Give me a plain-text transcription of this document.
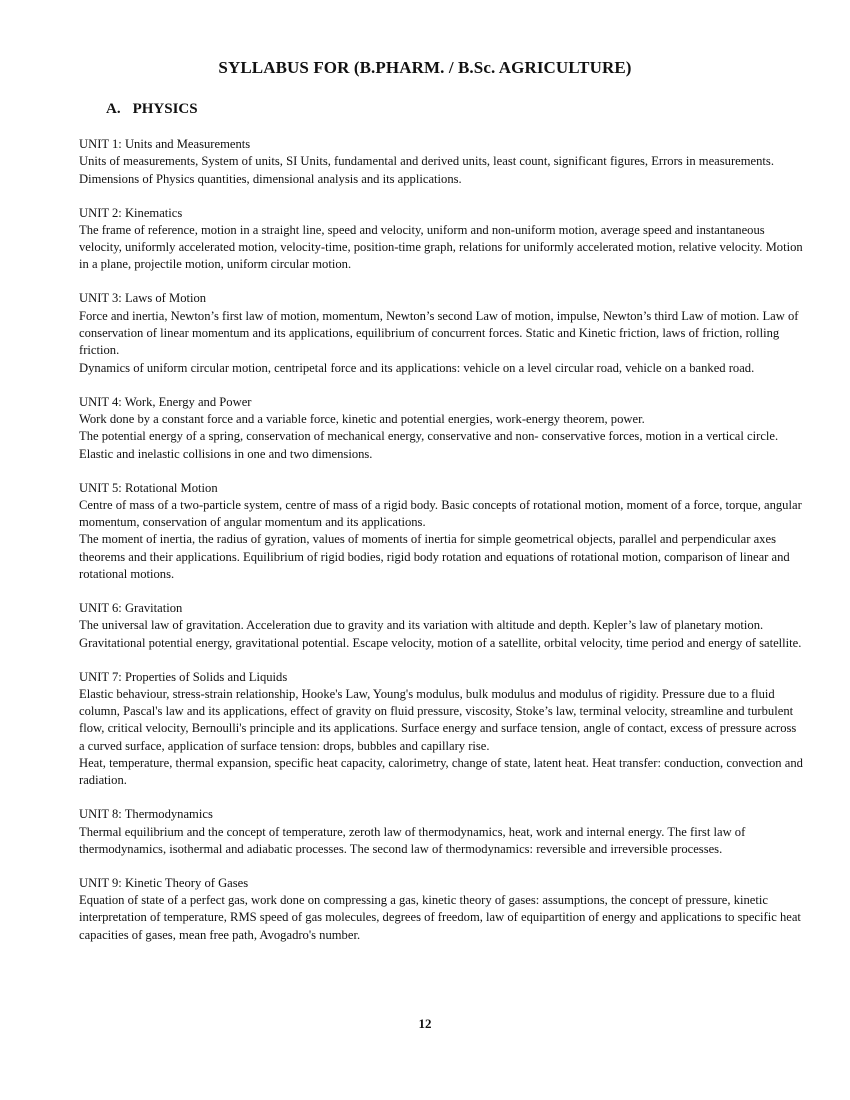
SYLLABUS FOR (B.PHARM. / B.Sc. AGRICULTURE)
A. PHYSICS
UNIT 1: Units and Measurements
Units of measurements, System of units, SI Units, fundamental and derived units, least count, significant figures, Errors in measurements. Dimensions of Physics quantities, dimensional analysis and its applications.
UNIT 2: Kinematics
The frame of reference, motion in a straight line, speed and velocity, uniform and non-uniform motion, average speed and instantaneous velocity, uniformly accelerated motion, velocity-time, position-time graph, relations for uniformly accelerated motion, relative velocity. Motion in a plane, projectile motion, uniform circular motion.
UNIT 3: Laws of Motion
Force and inertia, Newton’s first law of motion, momentum, Newton’s second Law of motion, impulse, Newton’s third Law of motion. Law of conservation of linear momentum and its applications, equilibrium of concurrent forces. Static and Kinetic friction, laws of friction, rolling friction.
Dynamics of uniform circular motion, centripetal force and its applications: vehicle on a level circular road, vehicle on a banked road.
UNIT 4: Work, Energy and Power
Work done by a constant force and a variable force, kinetic and potential energies, work-energy theorem, power.
The potential energy of a spring, conservation of mechanical energy, conservative and non- conservative forces, motion in a vertical circle. Elastic and inelastic collisions in one and two dimensions.
UNIT 5: Rotational Motion
Centre of mass of a two-particle system, centre of mass of a rigid body. Basic concepts of rotational motion, moment of a force, torque, angular momentum, conservation of angular momentum and its applications.
The moment of inertia, the radius of gyration, values of moments of inertia for simple geometrical objects, parallel and perpendicular axes theorems and their applications. Equilibrium of rigid bodies, rigid body rotation and equations of rotational motion, comparison of linear and rotational motions.
UNIT 6: Gravitation
The universal law of gravitation. Acceleration due to gravity and its variation with altitude and depth. Kepler’s law of planetary motion. Gravitational potential energy, gravitational potential. Escape velocity, motion of a satellite, orbital velocity, time period and energy of satellite.
UNIT 7: Properties of Solids and Liquids
Elastic behaviour, stress-strain relationship, Hooke's Law, Young's modulus, bulk modulus and modulus of rigidity. Pressure due to a fluid column, Pascal's law and its applications, effect of gravity on fluid pressure, viscosity, Stoke’s law, terminal velocity, streamline and turbulent flow, critical velocity, Bernoulli's principle and its applications. Surface energy and surface tension, angle of contact, excess of pressure across a curved surface, application of surface tension: drops, bubbles and capillary rise.
Heat, temperature, thermal expansion, specific heat capacity, calorimetry, change of state, latent heat. Heat transfer: conduction, convection and radiation.
UNIT 8: Thermodynamics
Thermal equilibrium and the concept of temperature, zeroth law of thermodynamics, heat, work and internal energy. The first law of thermodynamics, isothermal and adiabatic processes. The second law of thermodynamics: reversible and irreversible processes.
UNIT 9: Kinetic Theory of Gases
Equation of state of a perfect gas, work done on compressing a gas, kinetic theory of gases: assumptions, the concept of pressure, kinetic interpretation of temperature, RMS speed of gas molecules, degrees of freedom, law of equipartition of energy and applications to specific heat capacities of gases, mean free path, Avogadro's number.
12
